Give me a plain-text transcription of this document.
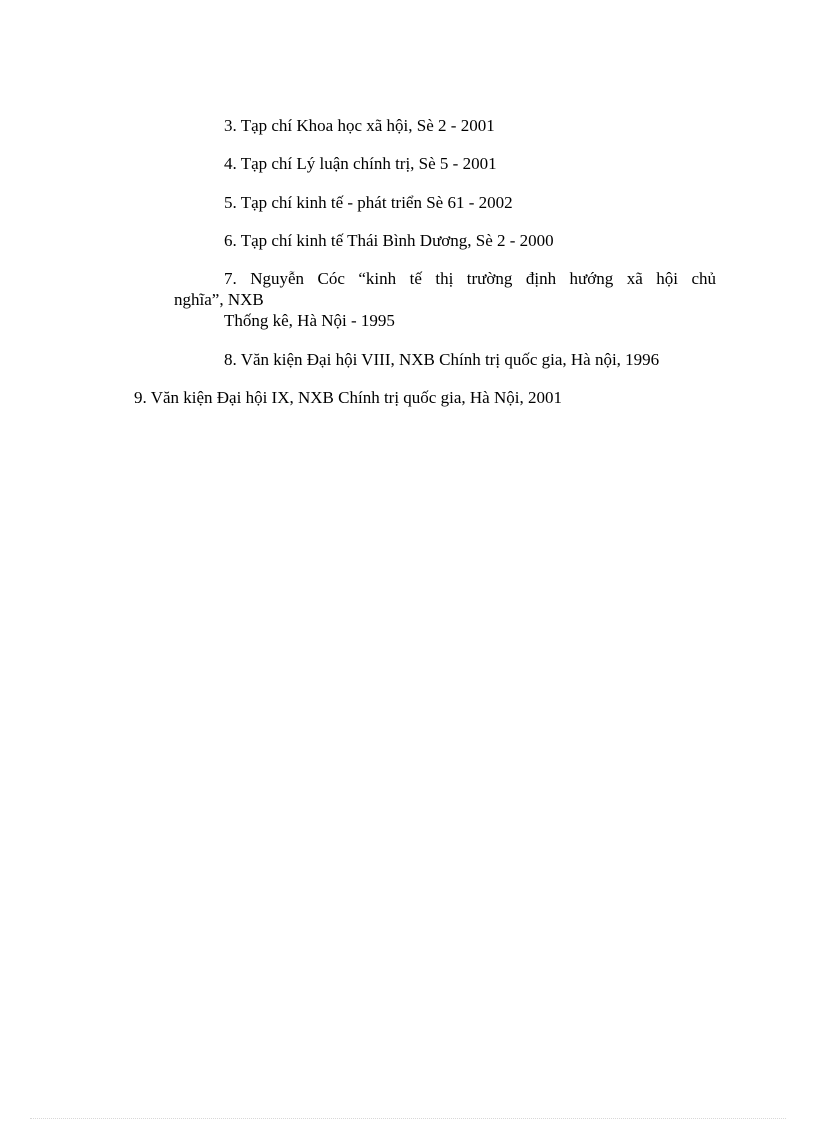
3. Tạp chí Khoa học xã hội, Sè 2 - 2001

4. Tạp chí Lý luận chính trị, Sè 5 - 2001

5. Tạp chí kinh tế - phát triển Sè 61 - 2002

6. Tạp chí kinh tế Thái Bình Dương, Sè 2 - 2000

7. Nguyễn Cóc “kinh tế thị trường định hướng xã hội chủ
nghĩa”, NXB
Thống kê, Hà Nội - 1995

8. Văn kiện Đại hội VIII, NXB Chính trị quốc gia, Hà nội, 1996

9. Văn kiện Đại hội IX, NXB Chính trị quốc gia, Hà Nội, 2001
